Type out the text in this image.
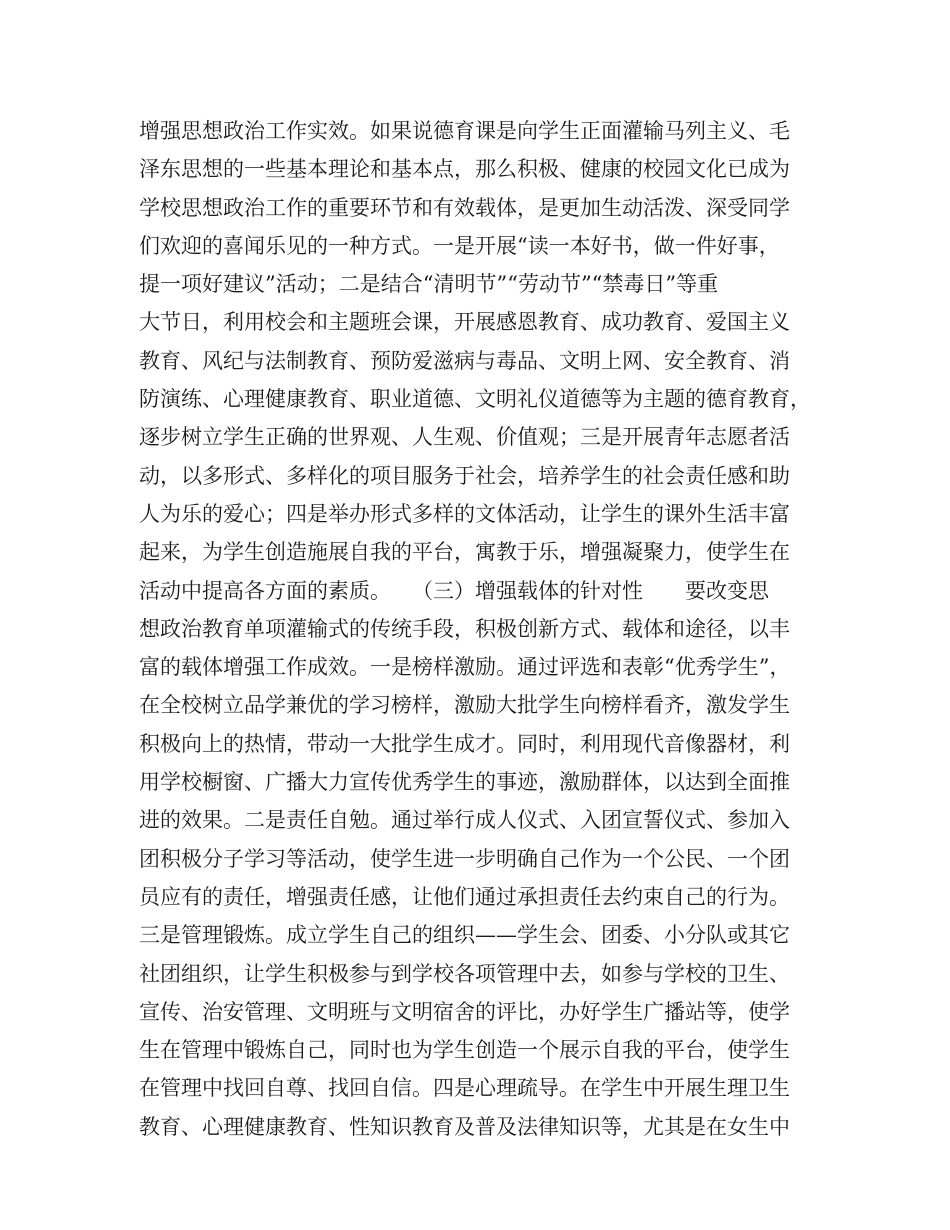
增强思想政治工作实效。如果说德育课是向学生正面灌输马列主义、毛
泽东思想的一些基本理论和基本点，那么积极、健康的校园文化已成为
学校思想政治工作的重要环节和有效载体，是更加生动活泼、深受同学
们欢迎的喜闻乐见的一种方式。一是开展“读一本好书，做一件好事，
提一项好建议”活动；二是结合“清明节”“劳动节”“禁毒日”等重
大节日，利用校会和主题班会课，开展感恩教育、成功教育、爱国主义
教育、风纪与法制教育、预防爱滋病与毒品、文明上网、安全教育、消
防演练、心理健康教育、职业道德、文明礼仪道德等为主题的德育教育，
逐步树立学生正确的世界观、人生观、价值观；三是开展青年志愿者活
动，以多形式、多样化的项目服务于社会，培养学生的社会责任感和助
人为乐的爱心；四是举办形式多样的文体活动，让学生的课外生活丰富
起来，为学生创造施展自我的平台，寓教于乐，增强凝聚力，使学生在
活动中提高各方面的素质。　　（三）增强载体的针对性　　要改变思
想政治教育单项灌输式的传统手段，积极创新方式、载体和途径，以丰
富的载体增强工作成效。一是榜样激励。通过评选和表彰“优秀学生”，
在全校树立品学兼优的学习榜样，激励大批学生向榜样看齐，激发学生
积极向上的热情，带动一大批学生成才。同时，利用现代音像器材，利
用学校橱窗、广播大力宣传优秀学生的事迹，激励群体，以达到全面推
进的效果。二是责任自勉。通过举行成人仪式、入团宣誓仪式、参加入
团积极分子学习等活动，使学生进一步明确自己作为一个公民、一个团
员应有的责任，增强责任感，让他们通过承担责任去约束自己的行为。
三是管理锻炼。成立学生自己的组织——学生会、团委、小分队或其它
社团组织，让学生积极参与到学校各项管理中去，如参与学校的卫生、
宣传、治安管理、文明班与文明宿舍的评比，办好学生广播站等，使学
生在管理中锻炼自己，同时也为学生创造一个展示自我的平台，使学生
在管理中找回自尊、找回自信。四是心理疏导。在学生中开展生理卫生
教育、心理健康教育、性知识教育及普及法律知识等，尤其是在女生中
